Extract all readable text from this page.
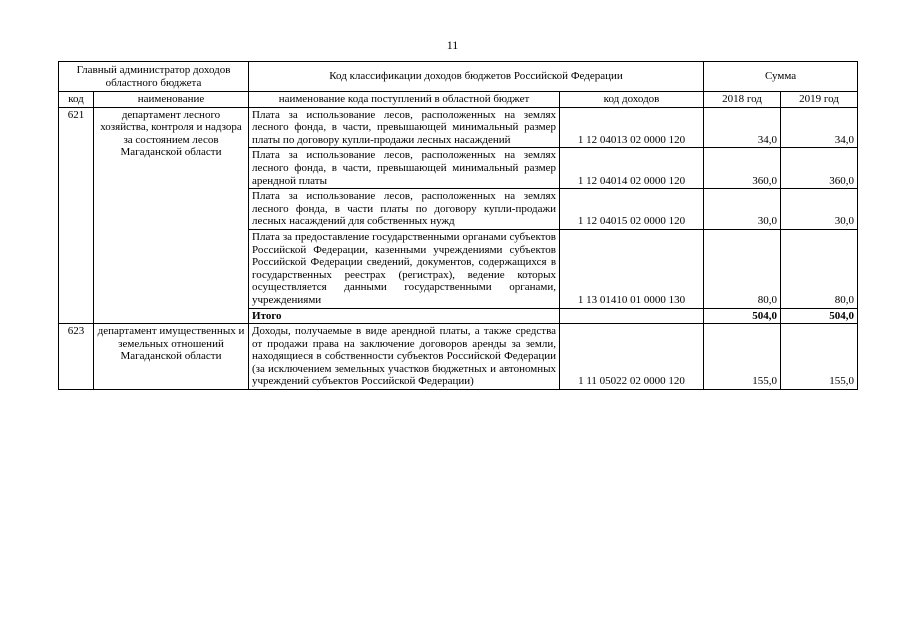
11
Главный администратор доходов областного бюджета		Код классификации доходов бюджетов Российской Федерации		Сумма	
код	наименование	наименование кода поступлений в областной бюджет	код доходов	2018 год	2019 год
621	департамент лесного хозяйства, контроля и надзора за состоянием лесов Магаданской области	Плата за использование лесов, расположенных на землях лесного фонда, в части, превышающей минимальный размер платы по договору купли-продажи лесных насаждений	1 12 04013 02 0000 120	34,0	34,0
		Плата за использование лесов, расположенных на землях лесного фонда, в части, превышающей минимальный размер арендной платы	1 12 04014 02 0000 120	360,0	360,0
		Плата за использование лесов, расположенных на землях лесного фонда, в части платы по договору купли-продажи лесных насаждений для собственных нужд	1 12 04015 02 0000 120	30,0	30,0
		Плата за предоставление государственными органами субъектов Российской Федерации, казенными учреждениями субъектов Российской Федерации сведений, документов, содержащихся в государственных реестрах (регистрах), ведение которых осуществляется данными государственными органами, учреждениями	1 13 01410 01 0000 130	80,0	80,0
		Итого		504,0	504,0
623	департамент имущественных и земельных отношений Магаданской области	Доходы, получаемые в виде арендной платы, а также средства от продажи права на заключение договоров аренды за земли, находящиеся в собственности субъектов Российской Федерации (за исключением земельных участков бюджетных и автономных учреждений субъектов Российской Федерации)	1 11 05022 02 0000 120	155,0	155,0
